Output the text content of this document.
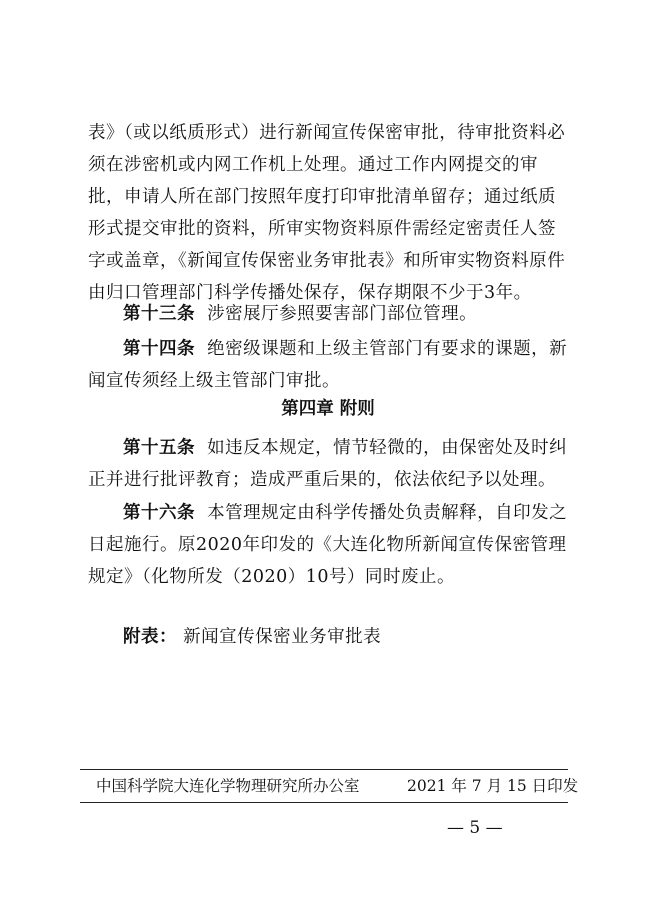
表》（或以纸质形式）进行新闻宣传保密审批，待审批资料必须在涉密机或内网工作机上处理。通过工作内网提交的审批，申请人所在部门按照年度打印审批清单留存；通过纸质形式提交审批的资料，所审实物资料原件需经定密责任人签字或盖章，《新闻宣传保密业务审批表》和所审实物资料原件由归口管理部门科学传播处保存，保存期限不少于3年。

第十三条 涉密展厅参照要害部门部位管理。

第十四条 绝密级课题和上级主管部门有要求的课题，新闻宣传须经上级主管部门审批。

第四章 附则

第十五条 如违反本规定，情节轻微的，由保密处及时纠正并进行批评教育；造成严重后果的，依法依纪予以处理。

第十六条 本管理规定由科学传播处负责解释，自印发之日起施行。原2020年印发的《大连化物所新闻宣传保密管理规定》（化物所发（2020）10号）同时废止。

附表： 新闻宣传保密业务审批表

中国科学院大连化学物理研究所办公室	2021 年 7 月 15 日印发

— 5 —
